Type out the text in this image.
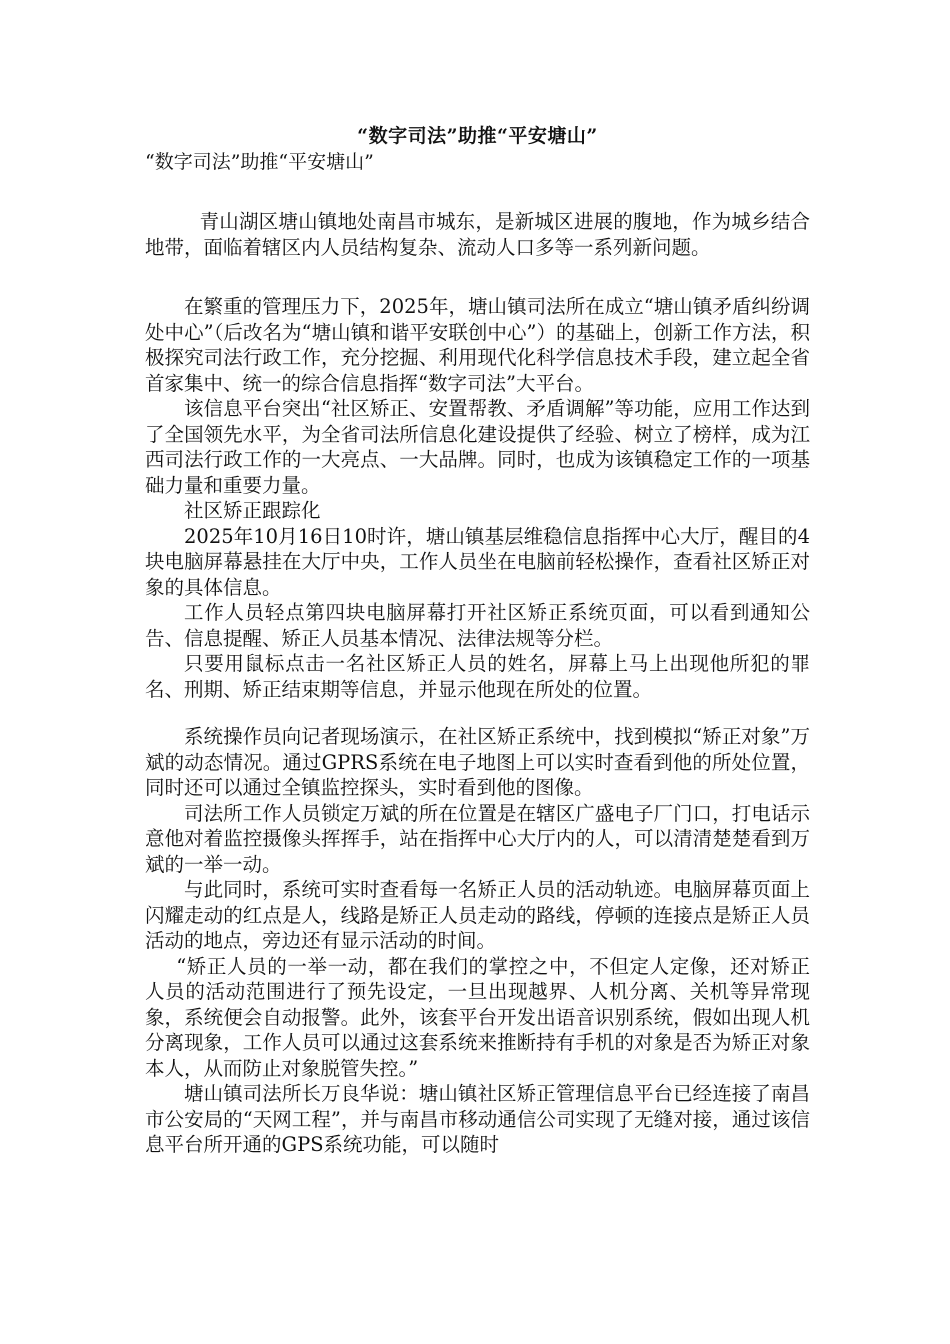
“数字司法”助推“平安塘山”

“数字司法”助推“平安塘山”

青山湖区塘山镇地处南昌市城东，是新城区进展的腹地，作为城乡结合地带，面临着辖区内人员结构复杂、流动人口多等一系列新问题。

在繁重的管理压力下，2025年，塘山镇司法所在成立“塘山镇矛盾纠纷调处中心”（后改名为“塘山镇和谐平安联创中心”）的基础上，创新工作方法，积极探究司法行政工作，充分挖掘、利用现代化科学信息技术手段，建立起全省首家集中、统一的综合信息指挥“数字司法”大平台。

该信息平台突出“社区矫正、安置帮教、矛盾调解”等功能，应用工作达到了全国领先水平，为全省司法所信息化建设提供了经验、树立了榜样，成为江西司法行政工作的一大亮点、一大品牌。同时，也成为该镇稳定工作的一项基础力量和重要力量。

社区矫正跟踪化

2025年10月16日10时许，塘山镇基层维稳信息指挥中心大厅，醒目的4块电脑屏幕悬挂在大厅中央，工作人员坐在电脑前轻松操作，查看社区矫正对象的具体信息。

工作人员轻点第四块电脑屏幕打开社区矫正系统页面，可以看到通知公告、信息提醒、矫正人员基本情况、法律法规等分栏。

只要用鼠标点击一名社区矫正人员的姓名，屏幕上马上出现他所犯的罪名、刑期、矫正结束期等信息，并显示他现在所处的位置。

系统操作员向记者现场演示，在社区矫正系统中，找到模拟“矫正对象”万斌的动态情况。通过GPRS系统在电子地图上可以实时查看到他的所处位置，同时还可以通过全镇监控探头，实时看到他的图像。

司法所工作人员锁定万斌的所在位置是在辖区广盛电子厂门口，打电话示意他对着监控摄像头挥挥手，站在指挥中心大厅内的人，可以清清楚楚看到万斌的一举一动。

与此同时，系统可实时查看每一名矫正人员的活动轨迹。电脑屏幕页面上闪耀走动的红点是人，线路是矫正人员走动的路线，停顿的连接点是矫正人员活动的地点，旁边还有显示活动的时间。

“矫正人员的一举一动，都在我们的掌控之中，不但定人定像，还对矫正人员的活动范围进行了预先设定，一旦出现越界、人机分离、关机等异常现象，系统便会自动报警。此外，该套平台开发出语音识别系统，假如出现人机分离现象，工作人员可以通过这套系统来推断持有手机的对象是否为矫正对象本人，从而防止对象脱管失控。”

塘山镇司法所长万良华说：塘山镇社区矫正管理信息平台已经连接了南昌市公安局的“天网工程”，并与南昌市移动通信公司实现了无缝对接，通过该信息平台所开通的GPS系统功能，可以随时
